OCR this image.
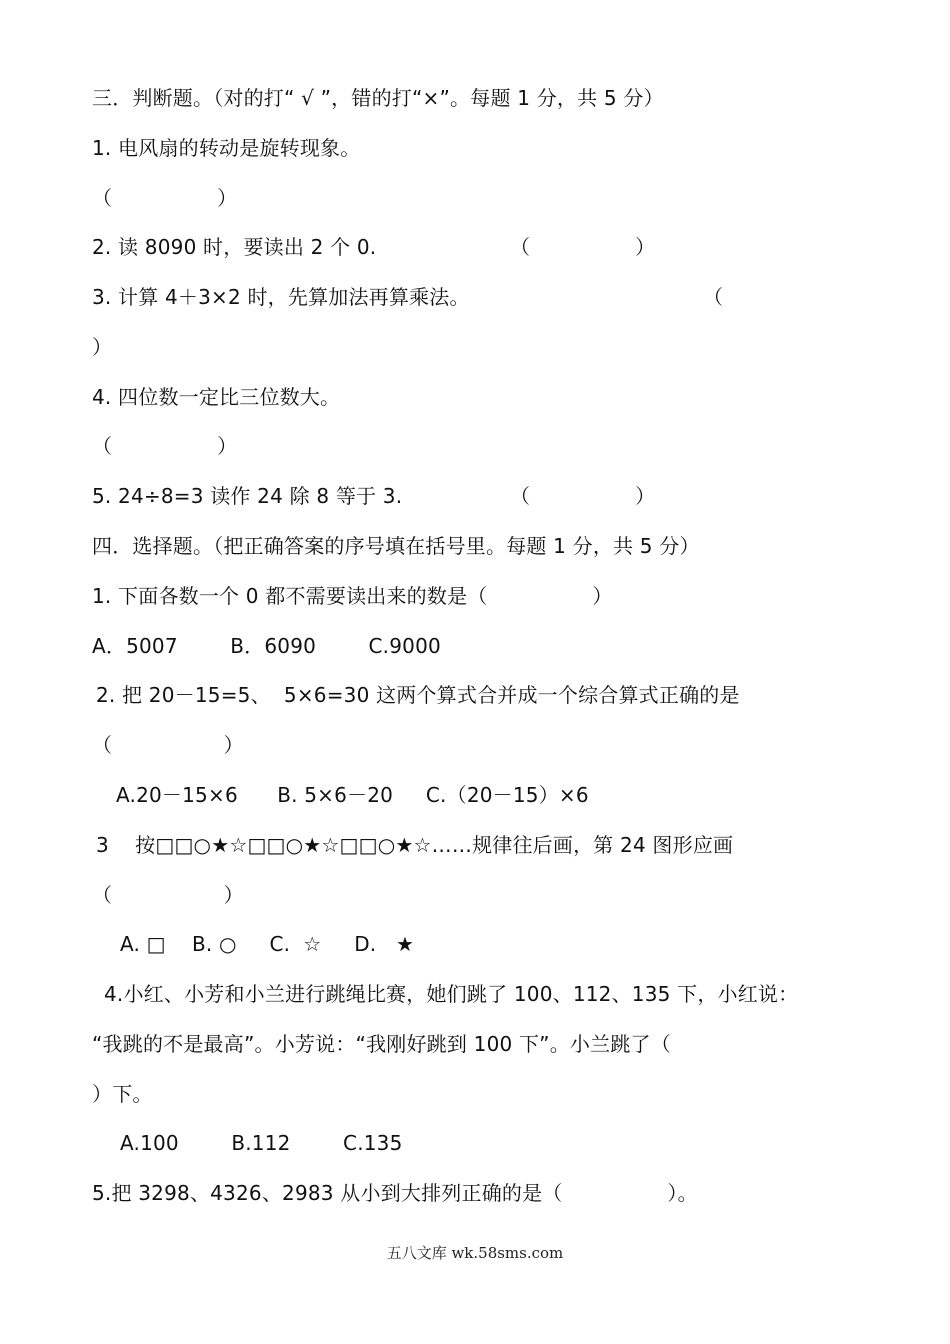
三．判断题。（对的打“ √ ”，错的打“×”。每题 1 分，共 5 分）
1. 电风扇的转动是旋转现象。
（                ）
2. 读 8090 时，要读出 2 个 0.	（                ）
3. 计算 4＋3×2 时，先算加法再算乘法。	（
）
4. 四位数一定比三位数大。
（                ）
5. 24÷8=3 读作 24 除 8 等于 3.	（                ）
四．选择题。（把正确答案的序号填在括号里。每题 1 分，共 5 分）
1. 下面各数一个 0 都不需要读出来的数是（                ）
A．5007        B．6090        C.9000
2. 把 20－15=5、  5×6=30 这两个算式合并成一个综合算式正确的是
（                 ）
A.20－15×6      B. 5×6－20     C.（20－15）×6
3    按□□○★☆□□○★☆□□○★☆……规律往后画，第 24 图形应画
（                 ）
A. □    B. ○     C.  ☆     D.   ★
4.小红、小芳和小兰进行跳绳比赛，她们跳了 100、112、135 下，小红说：
“我跳的不是最高”。小芳说：“我刚好跳到 100 下”。小兰跳了（
）下。
A.100        B.112        C.135
5.把 3298、4326、2983 从小到大排列正确的是（                ）。
五八文库 wk.58sms.com
